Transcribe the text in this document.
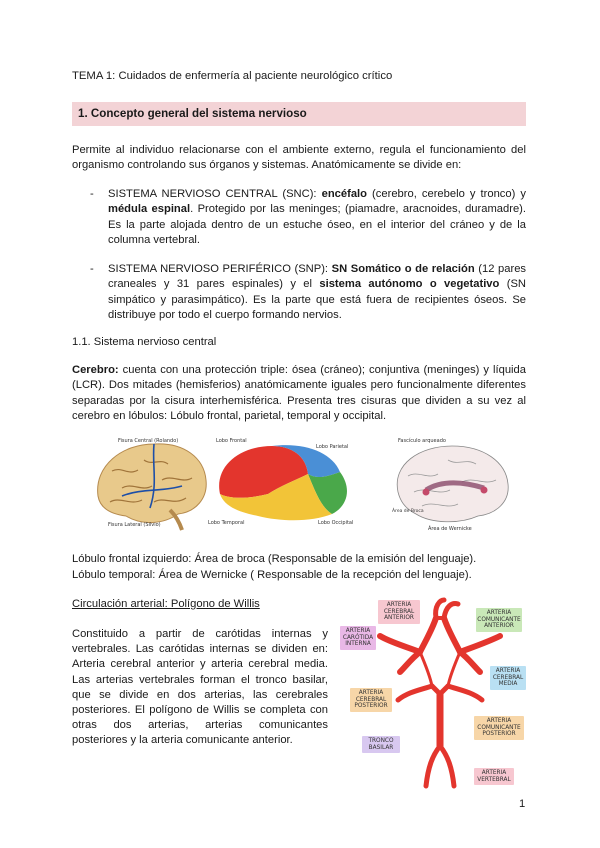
TEMA 1: Cuidados de enfermería al paciente neurológico crítico
1. Concepto general del sistema nervioso
Permite al individuo relacionarse con el ambiente externo, regula el funcionamiento del organismo controlando sus órganos y sistemas. Anatómicamente se divide en:
- SISTEMA NERVIOSO CENTRAL (SNC): encéfalo (cerebro, cerebelo y tronco) y médula espinal. Protegido por las meninges; (piamadre, aracnoides, duramadre). Es la parte alojada dentro de un estuche óseo, en el interior del cráneo y de la columna vertebral.
- SISTEMA NERVIOSO PERIFÉRICO (SNP): SN Somático o de relación (12 pares craneales y 31 pares espinales) y el sistema autónomo o vegetativo (SN simpático y parasimpático). Es la parte que está fuera de recipientes óseos. Se distribuye por todo el cuerpo formando nervios.
1.1. Sistema nervioso central
Cerebro: cuenta con una protección triple: ósea (cráneo); conjuntiva (meninges) y líquida (LCR). Dos mitades (hemisferios) anatómicamente iguales pero funcionalmente diferentes separadas por la cisura interhemisférica. Presenta tres cisuras que dividen a su vez al cerebro en lóbulos: Lóbulo frontal, parietal, temporal y occipital.
Fisura Central (Rolando)
Fisura Lateral (Silvio)
Lobo Frontal
Lobo Parietal
Lobo Temporal	Lobo Occipital
Fascículo arqueado
Área de Broca
Área de Wernicke
Lóbulo frontal izquierdo: Área de broca (Responsable de la emisión del lenguaje).
Lóbulo temporal: Área de Wernicke ( Responsable de la recepción del lenguaje).
Circulación arterial: Polígono de Willis
Constituido a partir de carótidas internas y vertebrales. Las carótidas internas se dividen en: Arteria cerebral anterior y arteria cerebral media. Las arterias vertebrales forman el tronco basilar, que se divide en dos arterias, las cerebrales posteriores. El polígono de Willis se completa con otras dos arterias, arterias comunicantes posteriores y la arteria comunicante anterior.
ARTERIA CEREBRAL ANTERIOR
ARTERIA COMUNICANTE ANTERIOR
ARTERIA CARÓTIDA INTERNA
ARTERIA CEREBRAL MEDIA
ARTERIA CEREBRAL POSTERIOR
ARTERIA COMUNICANTE POSTERIOR
TRONCO BASILAR
ARTERIA VERTEBRAL
1
